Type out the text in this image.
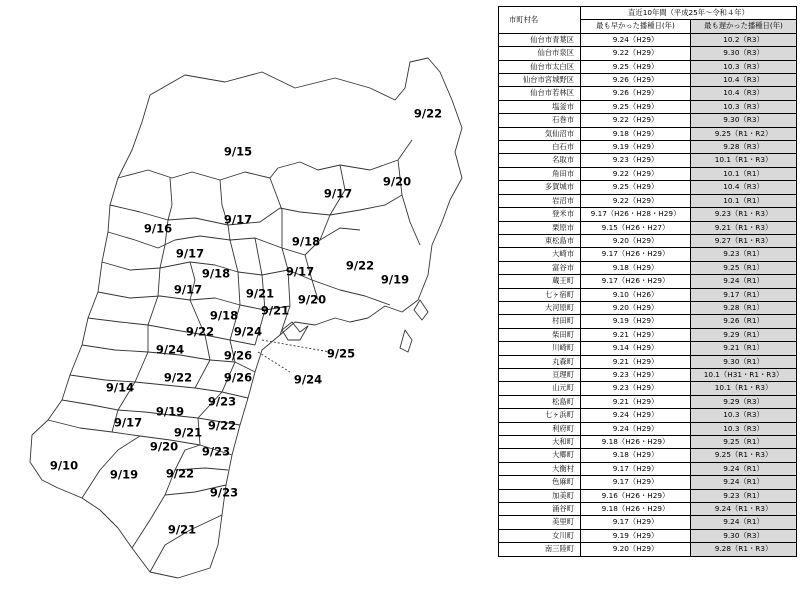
9/22
9/15
9/17
9/20
9/16
9/17
9/18
9/17
9/17	9/22
9/19
9/18
9/17	9/21
9/21
9/20
9/18
9/22 9/24
9/24	9/26	9/25
9/24
9/22	9/26
9/14
9/19
9/23
9/17
9/21 9/22
9/20
9/10
9/19 9/22
9/23
9/23
9/21
市町村名	直近10年間（平成25年～令和４年）	
	最も早かった播種日(年)	最も遅かった播種日(年)
仙台市青葉区	9.24（H29）	10.2（R3）
仙台市泉区	9.22（H29）	9.30（R3）
仙台市太白区	9.25（H29）	10.3（R3）
仙台市宮城野区	9.26（H29）	10.4（R3）
仙台市若林区	9.26（H29）	10.4（R3）
塩釜市	9.25（H29）	10.3（R3）
石巻市	9.22（H29）	9.30（R3）
気仙沼市	9.18（H29）	9.25（R1・R2）
白石市	9.19（H29）	9.28（R3）
名取市	9.23（H29）	10.1（R1・R3）
角田市	9.22（H29）	10.1（R1）
多賀城市	9.25（H29）	10.4（R3）
岩沼市	9.22（H29）	10.1（R1）
登米市	9.17（H26・H28・H29）	9.23（R1・R3）
栗原市	9.15（H26・H27）	9.21（R1・R3）
東松島市	9.20（H29）	9.27（R1・R3）
大崎市	9.17（H26・H29）	9.23（R1）
富谷市	9.18（H29）	9.25（R1）
蔵王町	9.17（H26・H29）	9.24（R1）
七ヶ宿町	9.10（H26）	9.17（R1）
大河原町	9.20（H29）	9.28（R1）
村田町	9.19（H29）	9.26（R1）
柴田町	9.21（H29）	9.29（R1）
川崎町	9.14（H29）	9.21（R1）
丸森町	9.21（H29）	9.30（R1）
亘理町	9.23（H29）	10.1（H31・R1・R3）
山元町	9.23（H29）	10.1（R1・R3）
松島町	9.21（H29）	9.29（R3）
七ヶ浜町	9.24（H29）	10.3（R3）
利府町	9.24（H29）	10.3（R3）
大和町	9.18（H26・H29）	9.25（R1）
大郷町	9.18（H29）	9.25（R1・R3）
大衡村	9.17（H29）	9.24（R1）
色麻町	9.17（H29）	9.24（R1）
加美町	9.16（H26・H29）	9.23（R1）
涌谷町	9.18（H26・H29）	9.24（R1・R3）
美里町	9.17（H29）	9.24（R1）
女川町	9.19（H29）	9.30（R3）
南三陸町	9.20（H29）	9.28（R1・R3）
